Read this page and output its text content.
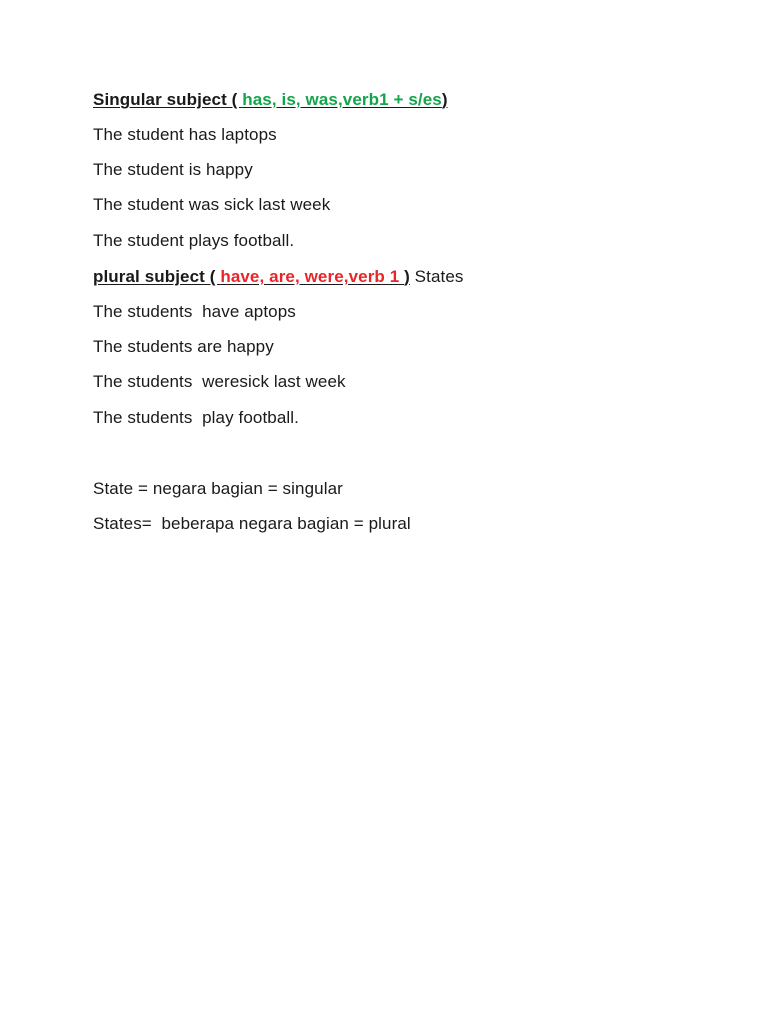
Singular subject ( has, is, was,verb1 + s/es)
The student has laptops
The student is happy
The student was sick last week
The student plays football.
plural subject ( have, are, were,verb 1 ) States
The students  have aptops
The students are happy
The students  weresick last week
The students  play football.
State = negara bagian = singular
States=  beberapa negara bagian = plural
